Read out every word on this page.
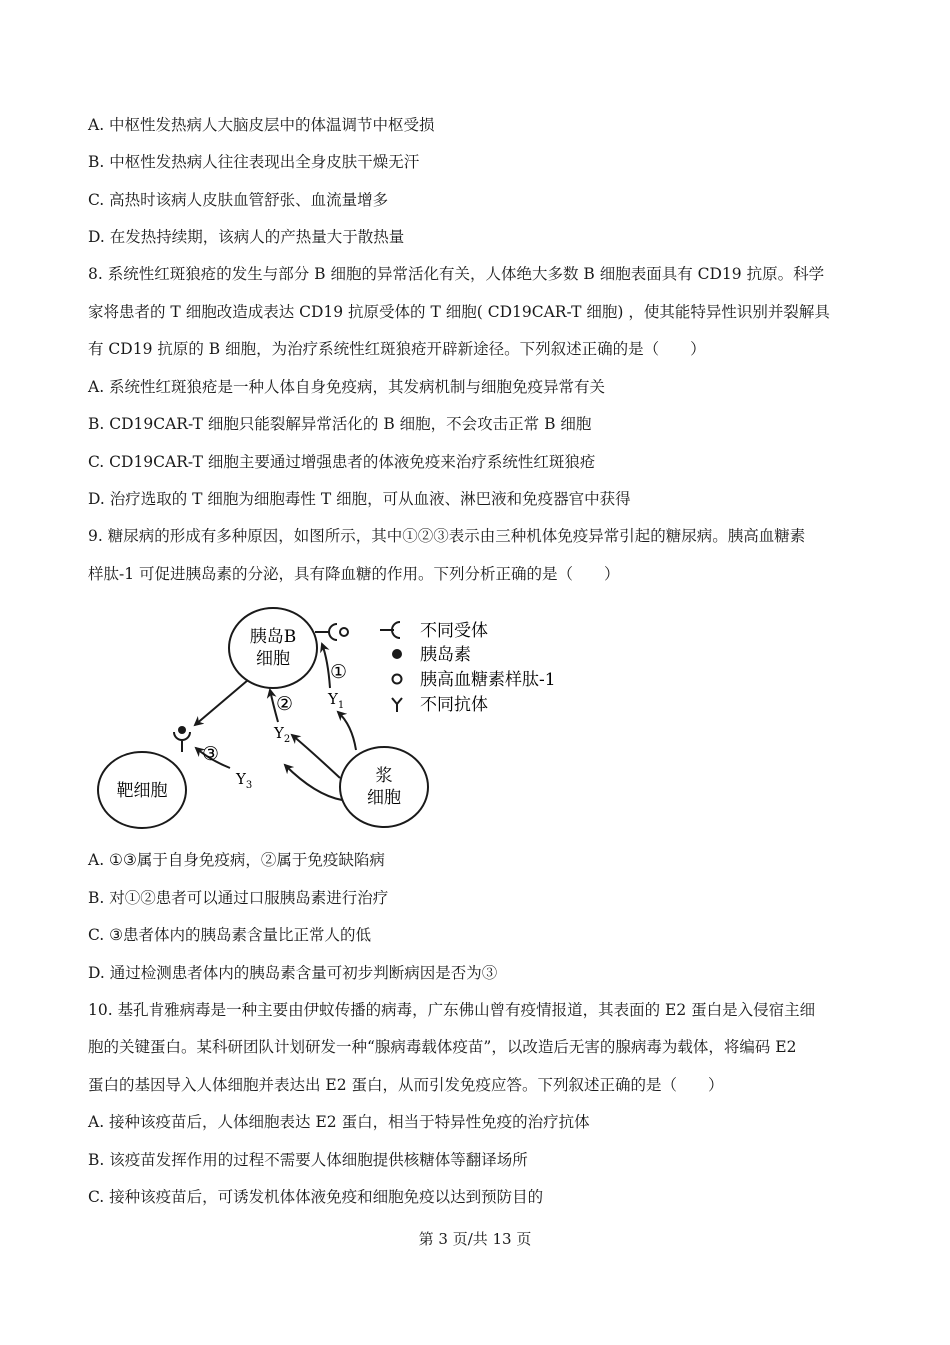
A. 中枢性发热病人大脑皮层中的体温调节中枢受损
B. 中枢性发热病人往往表现出全身皮肤干燥无汗
C. 高热时该病人皮肤血管舒张、血流量增多
D. 在发热持续期，该病人的产热量大于散热量
8. 系统性红斑狼疮的发生与部分 B 细胞的异常活化有关，人体绝大多数 B 细胞表面具有 CD19 抗原。科学
家将患者的 T 细胞改造成表达 CD19 抗原受体的 T 细胞( CD19CAR-T 细胞) ，使其能特异性识别并裂解具
有 CD19 抗原的 B 细胞，为治疗系统性红斑狼疮开辟新途径。下列叙述正确的是（　　）
A. 系统性红斑狼疮是一种人体自身免疫病，其发病机制与细胞免疫异常有关
B. CD19CAR-T 细胞只能裂解异常活化的 B 细胞，不会攻击正常 B 细胞
C. CD19CAR-T 细胞主要通过增强患者的体液免疫来治疗系统性红斑狼疮
D. 治疗选取的 T 细胞为细胞毒性 T 细胞，可从血液、淋巴液和免疫器官中获得
9. 糖尿病的形成有多种原因，如图所示，其中①②③表示由三种机体免疫异常引起的糖尿病。胰高血糖素
样肽-1 可促进胰岛素的分泌，具有降血糖的作用。下列分析正确的是（　　）
胰岛B
细胞
靶细胞
浆
细胞
①
$Y_1$
②
$Y_2$
③
$Y_3$
不同受体
胰岛素
胰高血糖素样肽-1
不同抗体
A. ①③属于自身免疫病，②属于免疫缺陷病
B. 对①②患者可以通过口服胰岛素进行治疗
C. ③患者体内的胰岛素含量比正常人的低
D. 通过检测患者体内的胰岛素含量可初步判断病因是否为③
10. 基孔肯雅病毒是一种主要由伊蚊传播的病毒，广东佛山曾有疫情报道，其表面的 E2 蛋白是入侵宿主细
胞的关键蛋白。某科研团队计划研发一种“腺病毒载体疫苗”，以改造后无害的腺病毒为载体，将编码 E2
蛋白的基因导入人体细胞并表达出 E2 蛋白，从而引发免疫应答。下列叙述正确的是（　　）
A. 接种该疫苗后，人体细胞表达 E2 蛋白，相当于特异性免疫的治疗抗体
B. 该疫苗发挥作用的过程不需要人体细胞提供核糖体等翻译场所
C. 接种该疫苗后，可诱发机体体液免疫和细胞免疫以达到预防目的
第 3 页/共 13 页
